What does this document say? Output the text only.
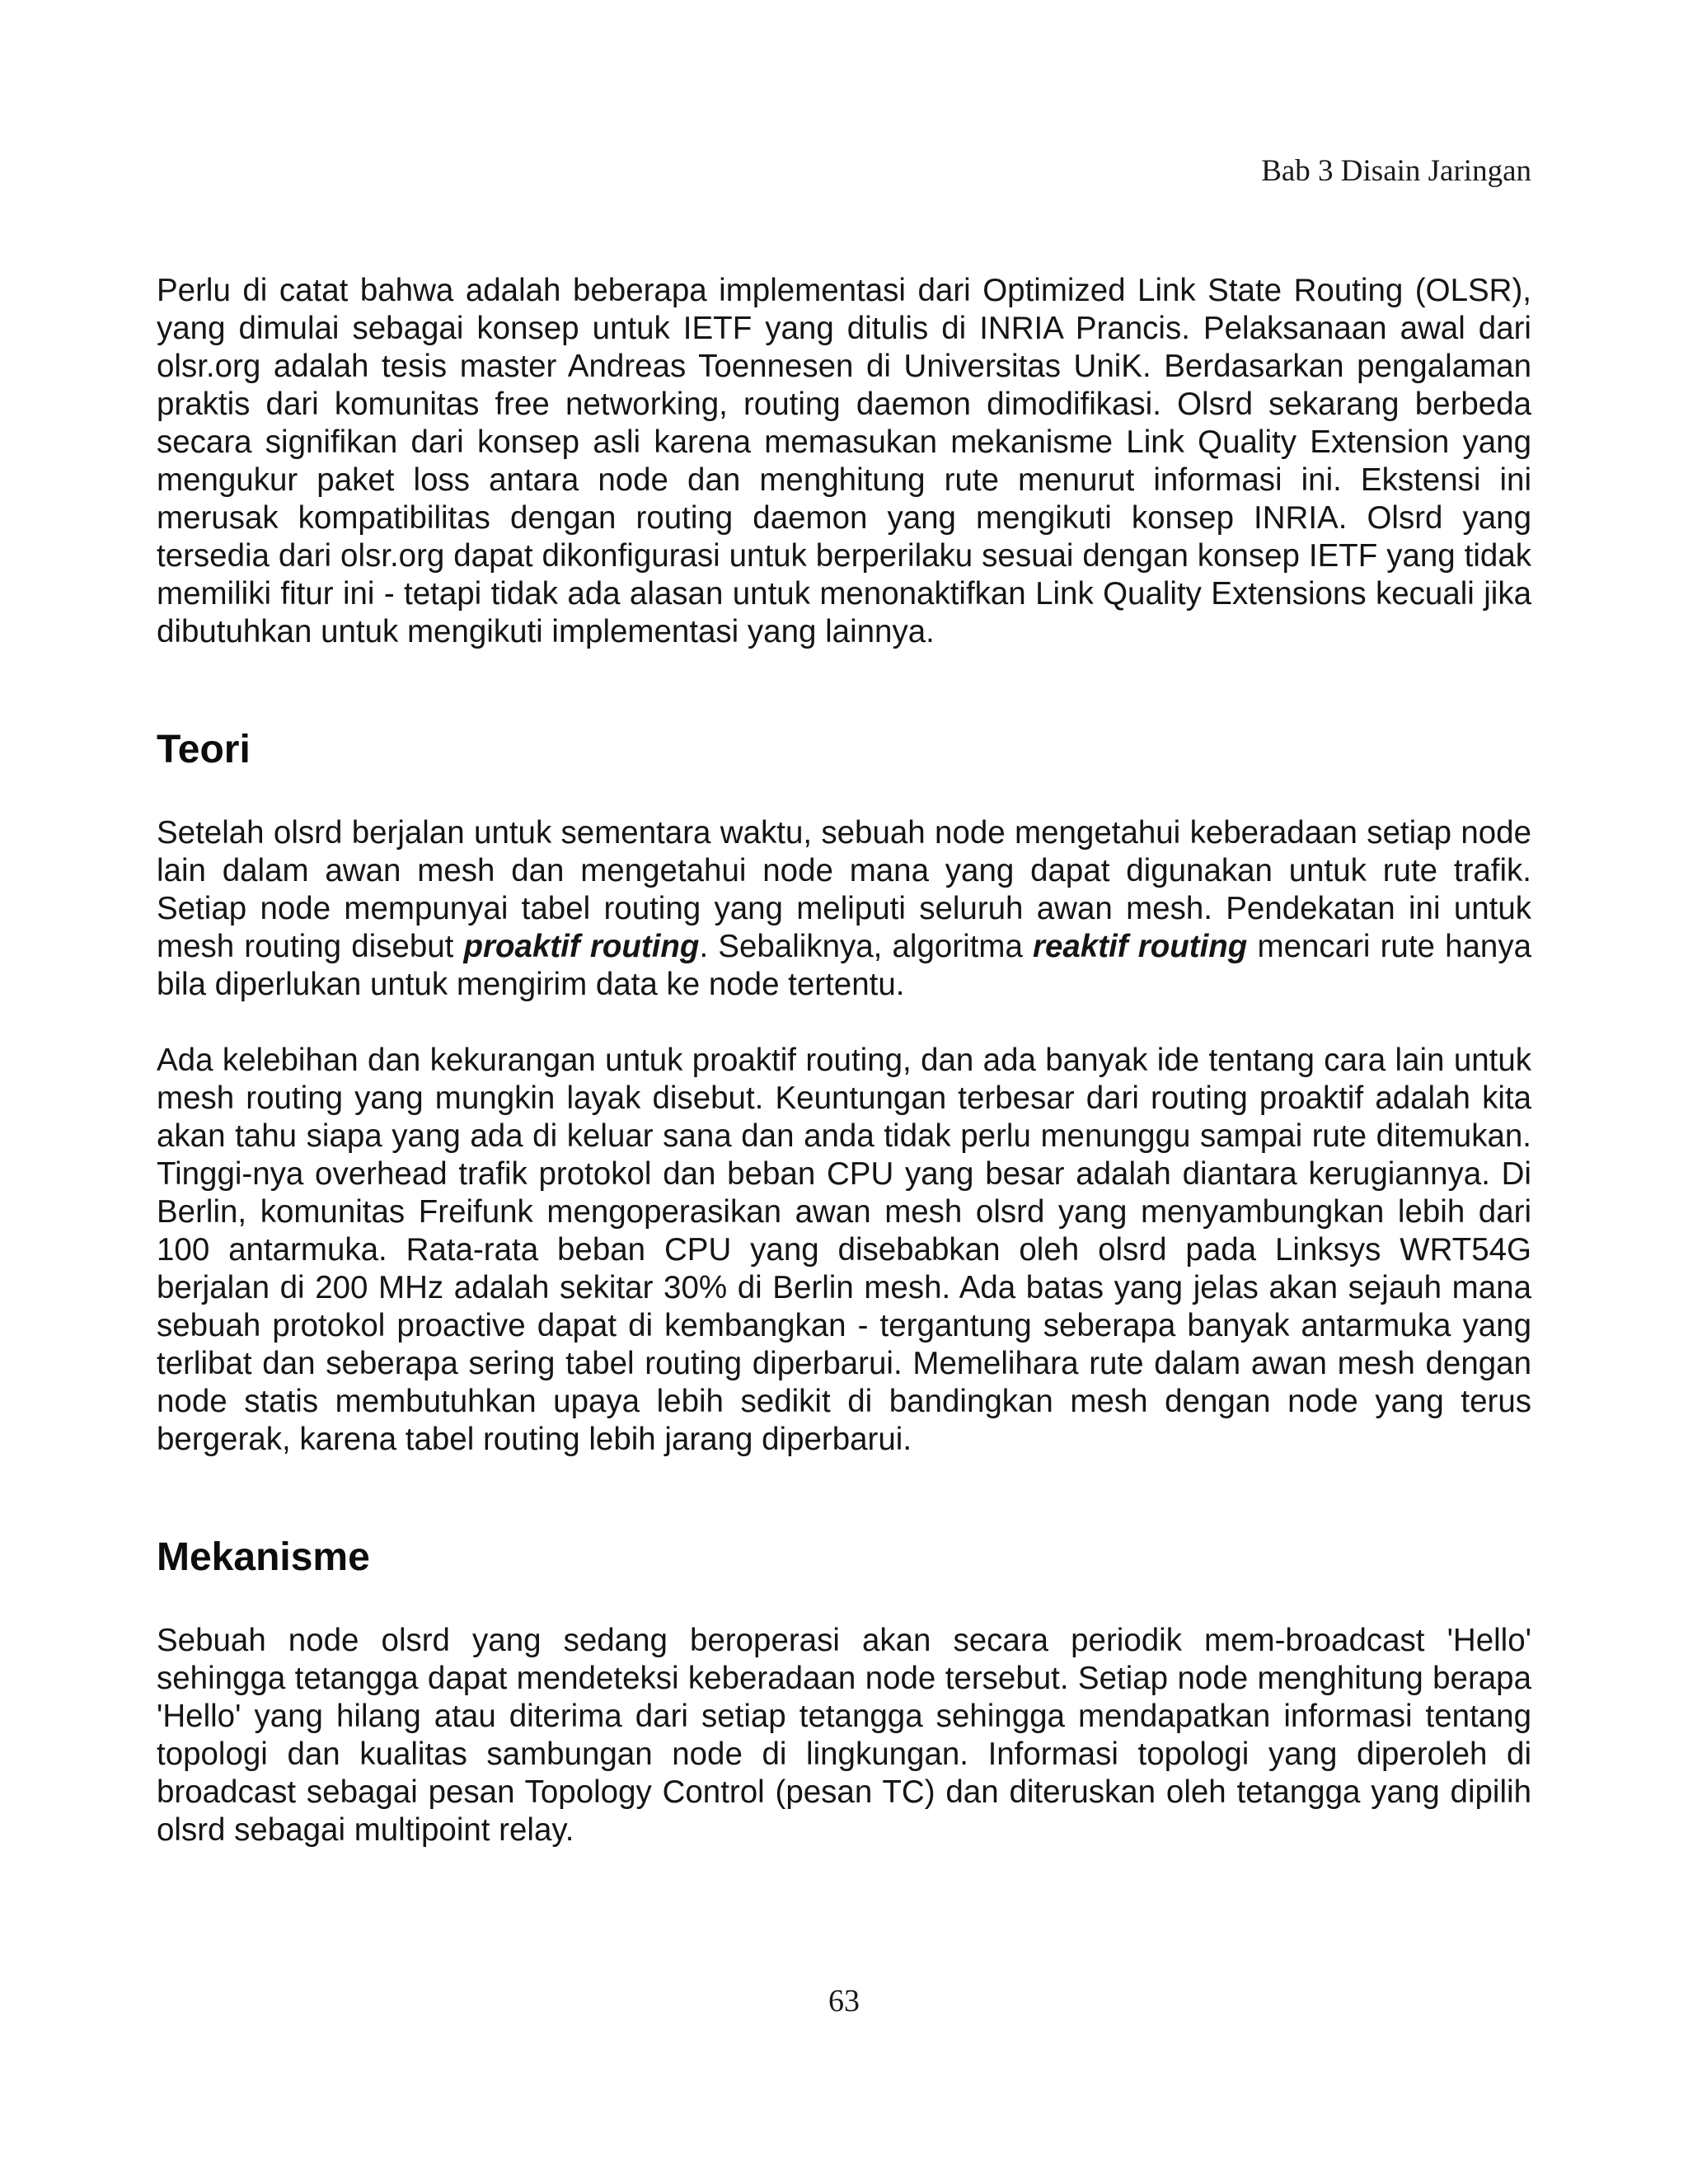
Bab 3 Disain Jaringan

Perlu di catat bahwa adalah beberapa implementasi dari Optimized Link State Routing (OLSR), yang dimulai sebagai konsep untuk IETF yang ditulis di INRIA Prancis. Pelaksanaan awal dari olsr.org adalah tesis master Andreas Toennesen di Universitas UniK. Berdasarkan pengalaman praktis dari komunitas free networking, routing daemon dimodifikasi. Olsrd sekarang berbeda secara signifikan dari konsep asli karena memasukan mekanisme Link Quality Extension yang mengukur paket loss antara node dan menghitung rute menurut informasi ini. Ekstensi ini merusak kompatibilitas dengan routing daemon yang mengikuti konsep INRIA. Olsrd yang tersedia dari olsr.org dapat dikonfigurasi untuk berperilaku sesuai dengan konsep IETF yang tidak memiliki fitur ini - tetapi tidak ada alasan untuk menonaktifkan Link Quality Extensions kecuali jika dibutuhkan untuk mengikuti implementasi yang lainnya.

Teori

Setelah olsrd berjalan untuk sementara waktu, sebuah node mengetahui keberadaan setiap node lain dalam awan mesh dan mengetahui node mana yang dapat digunakan untuk rute trafik. Setiap node mempunyai tabel routing yang meliputi seluruh awan mesh. Pendekatan ini untuk mesh routing disebut proaktif routing. Sebaliknya, algoritma reaktif routing mencari rute hanya bila diperlukan untuk mengirim data ke node tertentu.

Ada kelebihan dan kekurangan untuk proaktif routing, dan ada banyak ide tentang cara lain untuk mesh routing yang mungkin layak disebut. Keuntungan terbesar dari routing proaktif adalah kita akan tahu siapa yang ada di keluar sana dan anda tidak perlu menunggu sampai rute ditemukan. Tinggi-nya overhead trafik protokol dan beban CPU yang besar adalah diantara kerugiannya. Di Berlin, komunitas Freifunk mengoperasikan awan mesh olsrd yang menyambungkan lebih dari 100 antarmuka. Rata-rata beban CPU yang disebabkan oleh olsrd pada Linksys WRT54G berjalan di 200 MHz adalah sekitar 30% di Berlin mesh. Ada batas yang jelas akan sejauh mana sebuah protokol proactive dapat di kembangkan - tergantung seberapa banyak antarmuka yang terlibat dan seberapa sering tabel routing diperbarui. Memelihara rute dalam awan mesh dengan node statis membutuhkan upaya lebih sedikit di bandingkan mesh dengan node yang terus bergerak, karena tabel routing lebih jarang diperbarui.

Mekanisme

Sebuah node olsrd yang sedang beroperasi akan secara periodik mem-broadcast 'Hello' sehingga tetangga dapat mendeteksi keberadaan node tersebut. Setiap node menghitung berapa 'Hello' yang hilang atau diterima dari setiap tetangga sehingga mendapatkan informasi tentang topologi dan kualitas sambungan node di lingkungan. Informasi topologi yang diperoleh di broadcast sebagai pesan Topology Control (pesan TC) dan diteruskan oleh tetangga yang dipilih olsrd sebagai multipoint relay.

63
